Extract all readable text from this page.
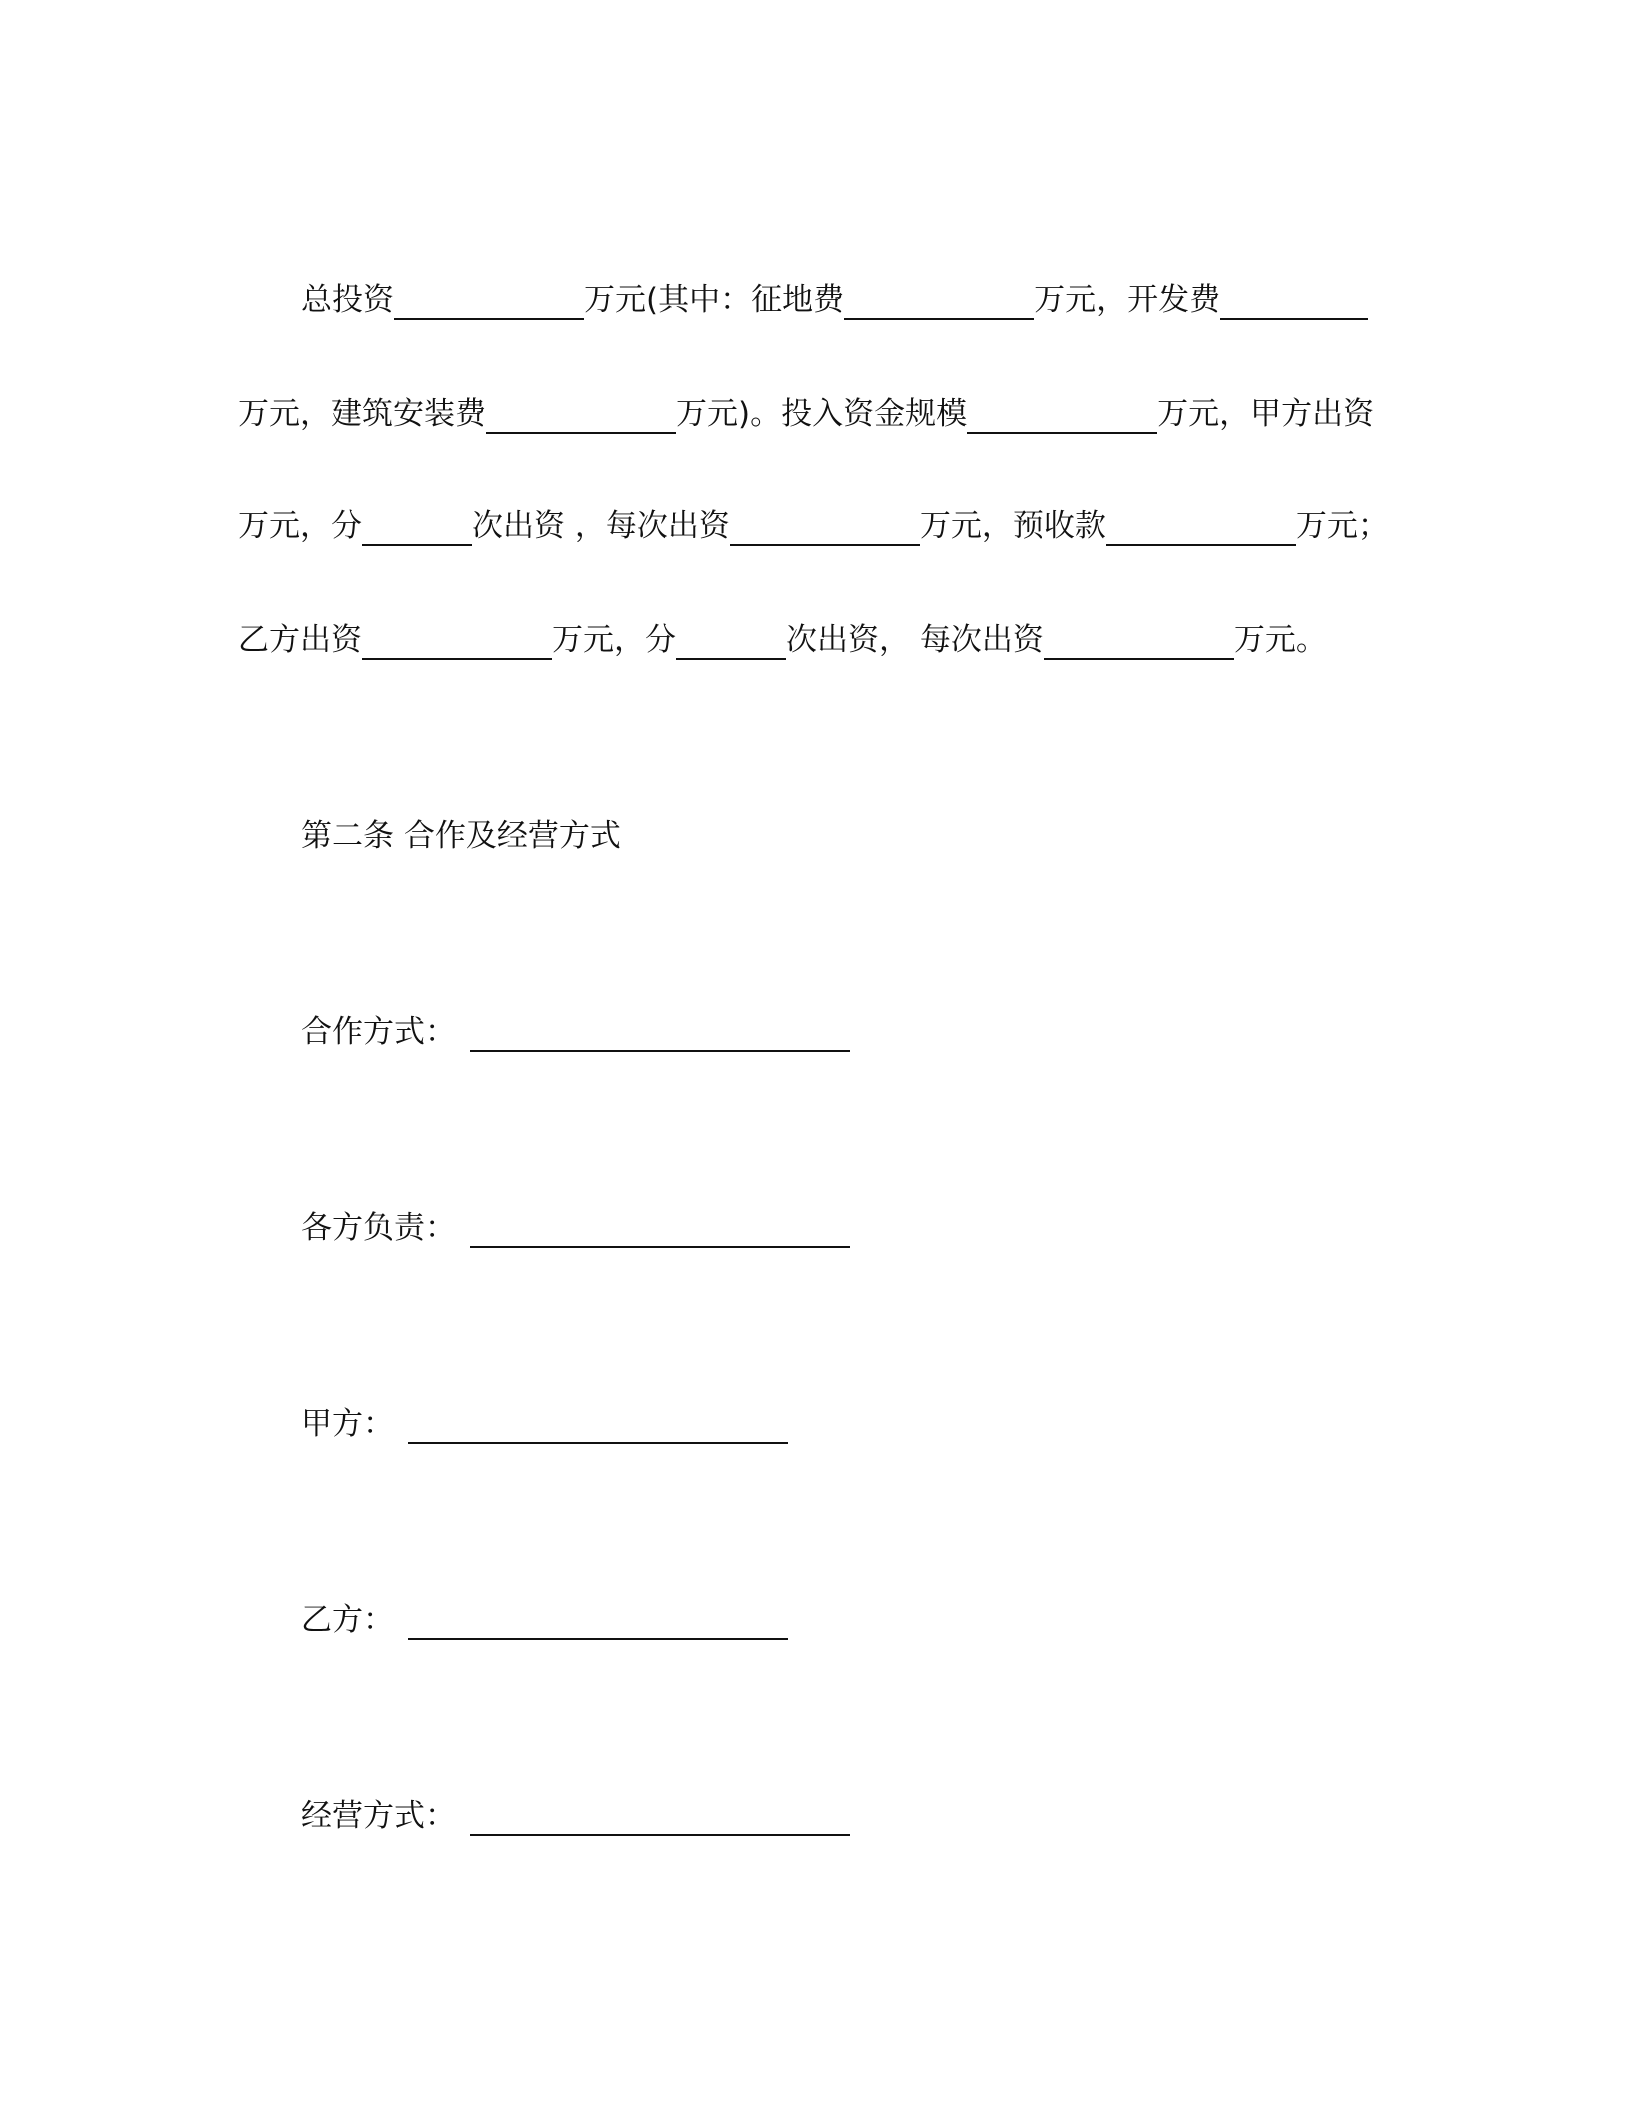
总投资	万元(其中：征地费	万元，开发费
万元，建筑安装费	万元)。投入资金规模	万元，甲方出资
万元，分	次出资 ，每次出资	万元，预收款	万元；
乙方出资	万元，分	次出资， 每次出资	万元。
第二条 合作及经营方式
合作方式：
各方负责：
甲方：
乙方：
经营方式：
